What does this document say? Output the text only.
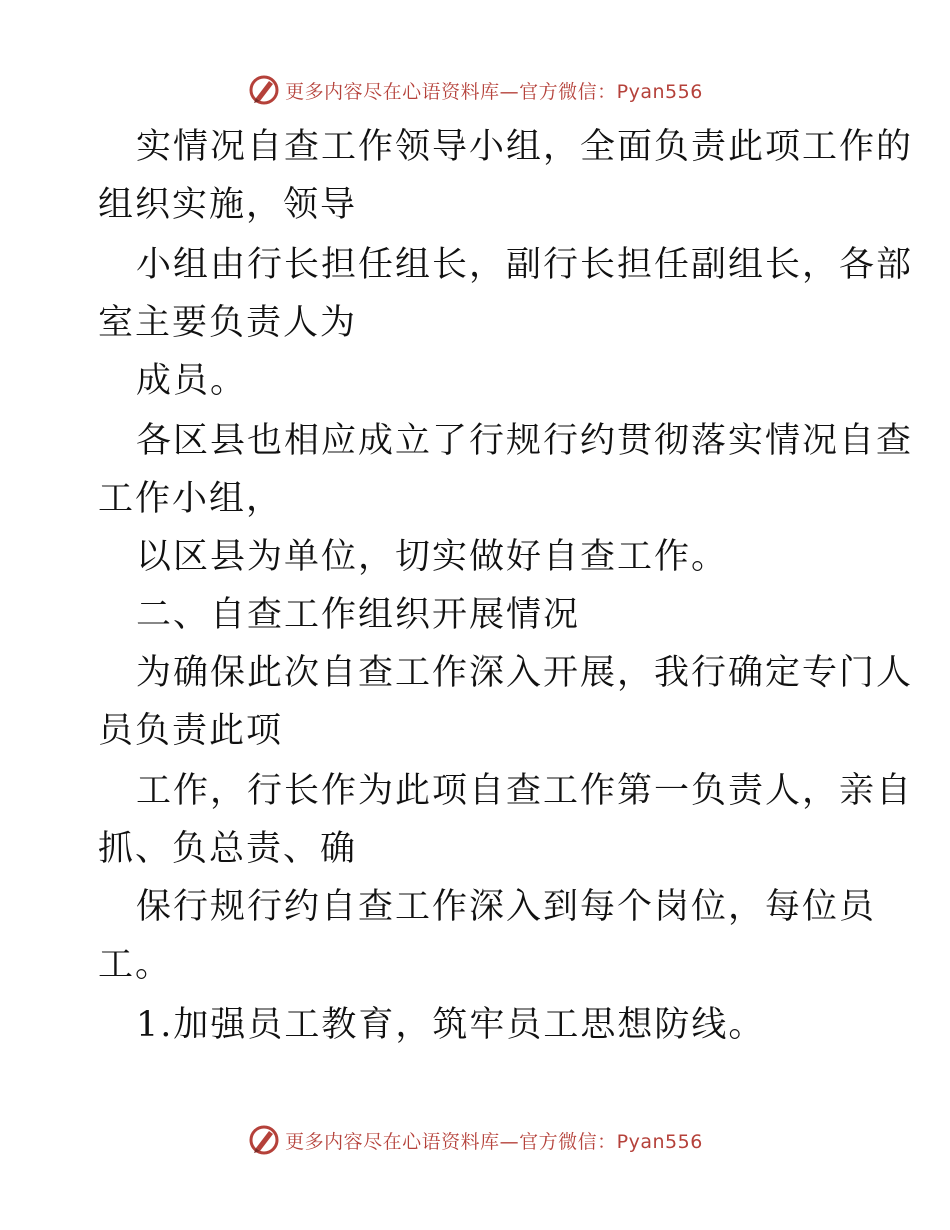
更多内容尽在心语资料库—官方微信：Pyan556
实情况自查工作领导小组，全面负责此项工作的
组织实施，领导
小组由行长担任组长，副行长担任副组长，各部
室主要负责人为
成员。
各区县也相应成立了行规行约贯彻落实情况自查
工作小组，
以区县为单位，切实做好自查工作。
二、自查工作组织开展情况
为确保此次自查工作深入开展，我行确定专门人
员负责此项
工作，行长作为此项自查工作第一负责人，亲自
抓、负总责、确
保行规行约自查工作深入到每个岗位，每位员
工。
1.加强员工教育，筑牢员工思想防线。
更多内容尽在心语资料库—官方微信：Pyan556
